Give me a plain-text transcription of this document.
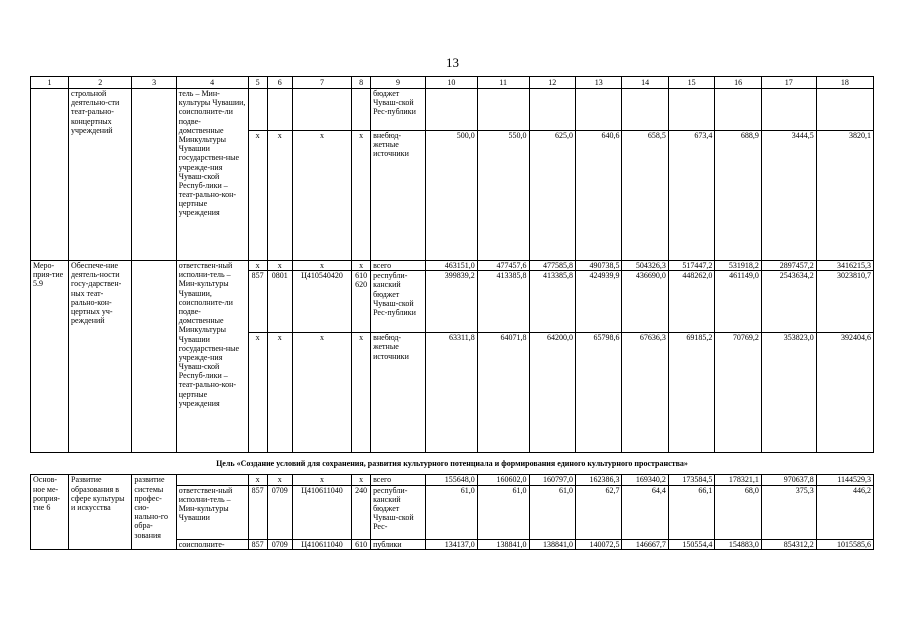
13
1	2	3	4	5	6	7	8	9	10	11	12	13	14	15	16	17	18
	строльной деятельно-сти теат-рально-концертных учреждений		тель – Мин-культуры Чувашии, соисполните-ли подве-домственные Минкультуры Чувашии государствен-ные учрежде-ния Чуваш-ской Респуб-лики – теат-рально-кон-цертные учреждения					бюджет Чуваш-ской Рес-публики									
				х	х	х	х	внебюд-жетные источники	500,0	550,0	625,0	640,6	658,5	673,4	688,9	3444,5	3820,1
Меро-прия-тие 5.9	Обеспече-ние деятель-ности госу-дарствен-ных теат-рально-кон-цертных уч-реждений		ответствен-ный исполни-тель – Мин-культуры Чувашии, соисполните-ли подве-домственные Минкультуры Чувашии государствен-ные учрежде-ния Чуваш-ской Респуб-лики – теат-рально-кон-цертные учреждения	х	х	х	х	всего	463151,0	477457,6	477585,8	490738,5	504326,3	517447,2	531918,2	2897457,2	3416215,3
				857	0801	Ц410540420	610 620	республи-канский бюджет Чуваш-ской Рес-публики	399839,2	413385,8	413385,8	424939,9	436690,0	448262,0	461149,0	2543634,2	3023810,7
				х	х	х	х	внебюд-жетные источники	63311,8	64071,8	64200,0	65798,6	67636,3	69185,2	70769,2	353823,0	392404,6
Цель «Создание условий для сохранения, развития культурного потенциала и формирования единого культурного пространства»																	
Основ-ное ме-роприя-тие 6	Развитие образования в сфере культуры и искусства	развитие системы профес-сио-нально-го обра-зования		х	х	х	х	всего	155648,0	160602,0	160797,0	162386,3	169340,2	173584,5	178321,1	970637,8	1144529,3
			ответствен-ный исполни-тель – Мин-культуры Чувашии	857	0709	Ц410611040	240	республи-канский бюджет Чуваш-ской Рес-	61,0	61,0	61,0	62,7	64,4	66,1	68,0	375,3	446,2
			соисполните-	857	0709	Ц410611040	610	публики	134137,0	138841,0	138841,0	140072,5	146667,7	150554,4	154883,0	854312,2	1015585,6
